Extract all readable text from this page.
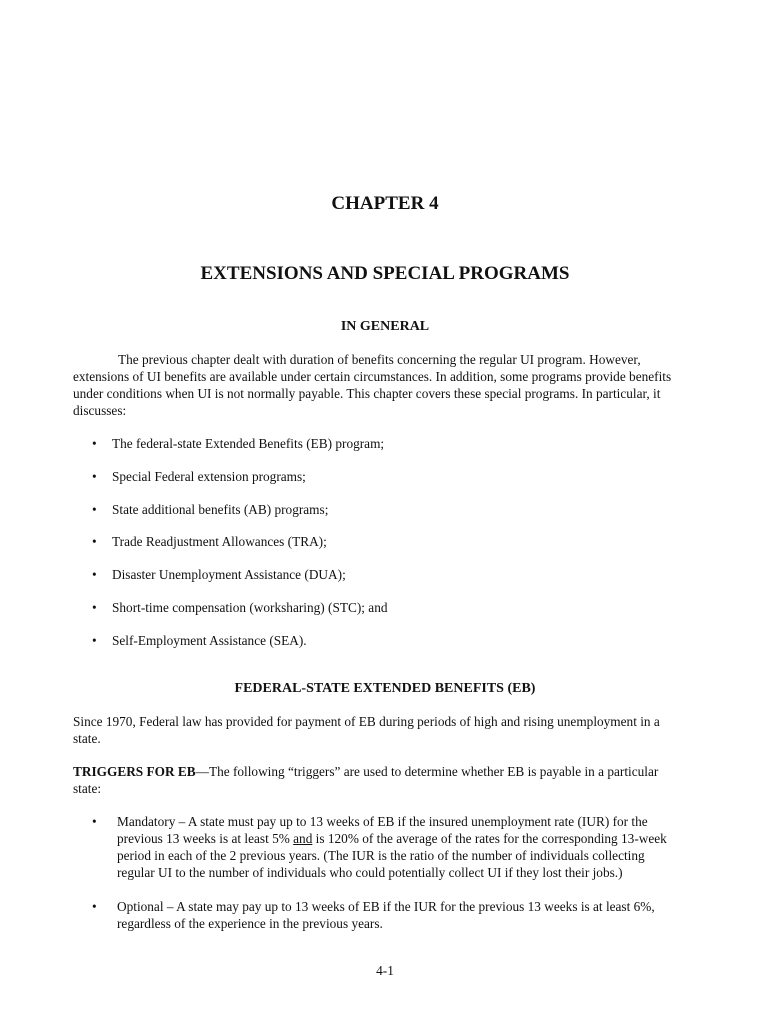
CHAPTER 4
EXTENSIONS AND SPECIAL PROGRAMS
IN GENERAL

The previous chapter dealt with duration of benefits concerning the regular UI program. However, extensions of UI benefits are available under certain circumstances. In addition, some programs provide benefits under conditions when UI is not normally payable. This chapter covers these special programs. In particular, it discusses:

• The federal-state Extended Benefits (EB) program;
• Special Federal extension programs;
• State additional benefits (AB) programs;
• Trade Readjustment Allowances (TRA);
• Disaster Unemployment Assistance (DUA);
• Short-time compensation (worksharing) (STC); and
• Self-Employment Assistance (SEA).
FEDERAL-STATE EXTENDED BENEFITS (EB)

Since 1970, Federal law has provided for payment of EB during periods of high and rising unemployment in a state.

TRIGGERS FOR EB—The following “triggers” are used to determine whether EB is payable in a particular state:

• Mandatory – A state must pay up to 13 weeks of EB if the insured unemployment rate (IUR) for the previous 13 weeks is at least 5% and is 120% of the average of the rates for the corresponding 13-week period in each of the 2 previous years. (The IUR is the ratio of the number of individuals collecting regular UI to the number of individuals who could potentially collect UI if they lost their jobs.)
• Optional – A state may pay up to 13 weeks of EB if the IUR for the previous 13 weeks is at least 6%, regardless of the experience in the previous years.
4-1
